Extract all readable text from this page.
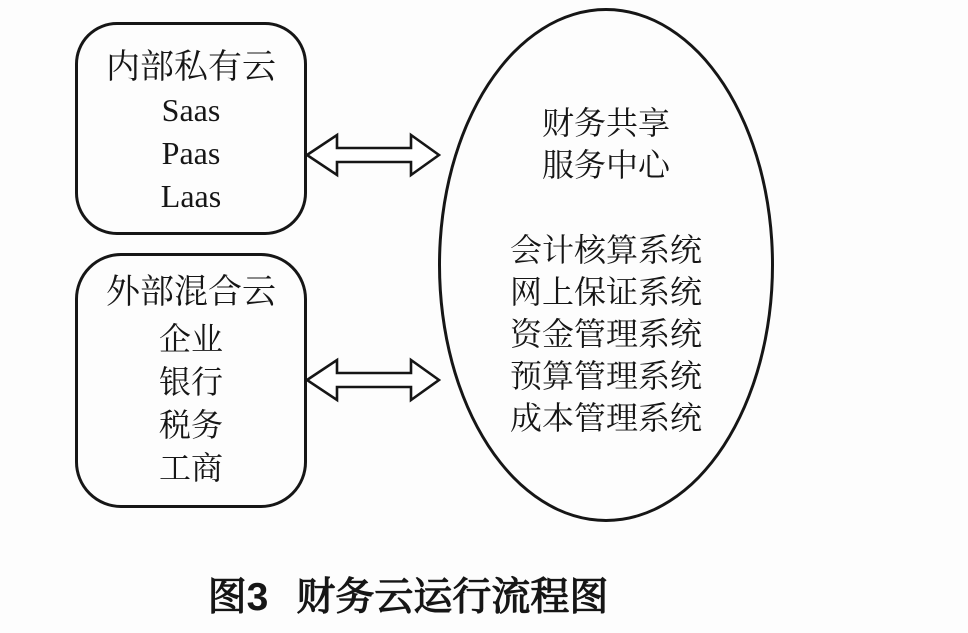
内部私有云
Saas
Paas
Laas
外部混合云
企业
银行
税务
工商
财务共享
服务中心
会计核算系统
网上保证系统
资金管理系统
预算管理系统
成本管理系统
图3 财务云运行流程图
